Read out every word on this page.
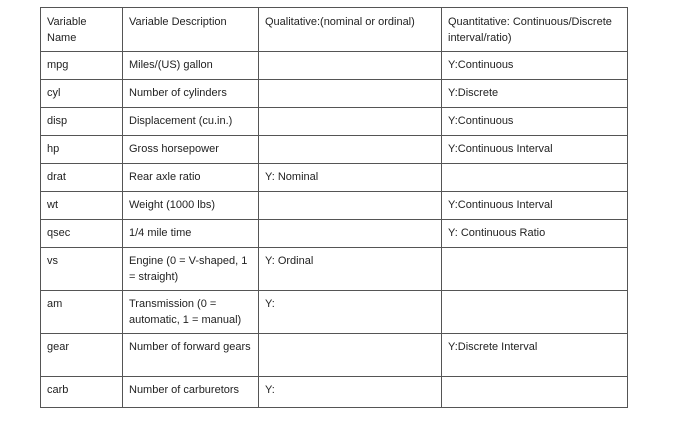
Variable Name	Variable Description	Qualitative:(nominal or ordinal)	Quantitative: Continuous/Discrete interval/ratio)
mpg	Miles/(US) gallon		Y:Continuous
cyl	Number of cylinders		Y:Discrete
disp	Displacement (cu.in.)		Y:Continuous
hp	Gross horsepower		Y:Continuous Interval
drat	Rear axle ratio	Y: Nominal	
wt	Weight (1000 lbs)		Y:Continuous Interval
qsec	1/4 mile time		Y: Continuous Ratio
vs	Engine (0 = V-shaped, 1 = straight)	Y: Ordinal	
am	Transmission (0 = automatic, 1 = manual)	Y:	
gear	Number of forward gears		Y:Discrete Interval
carb	Number of carburetors	Y:	
